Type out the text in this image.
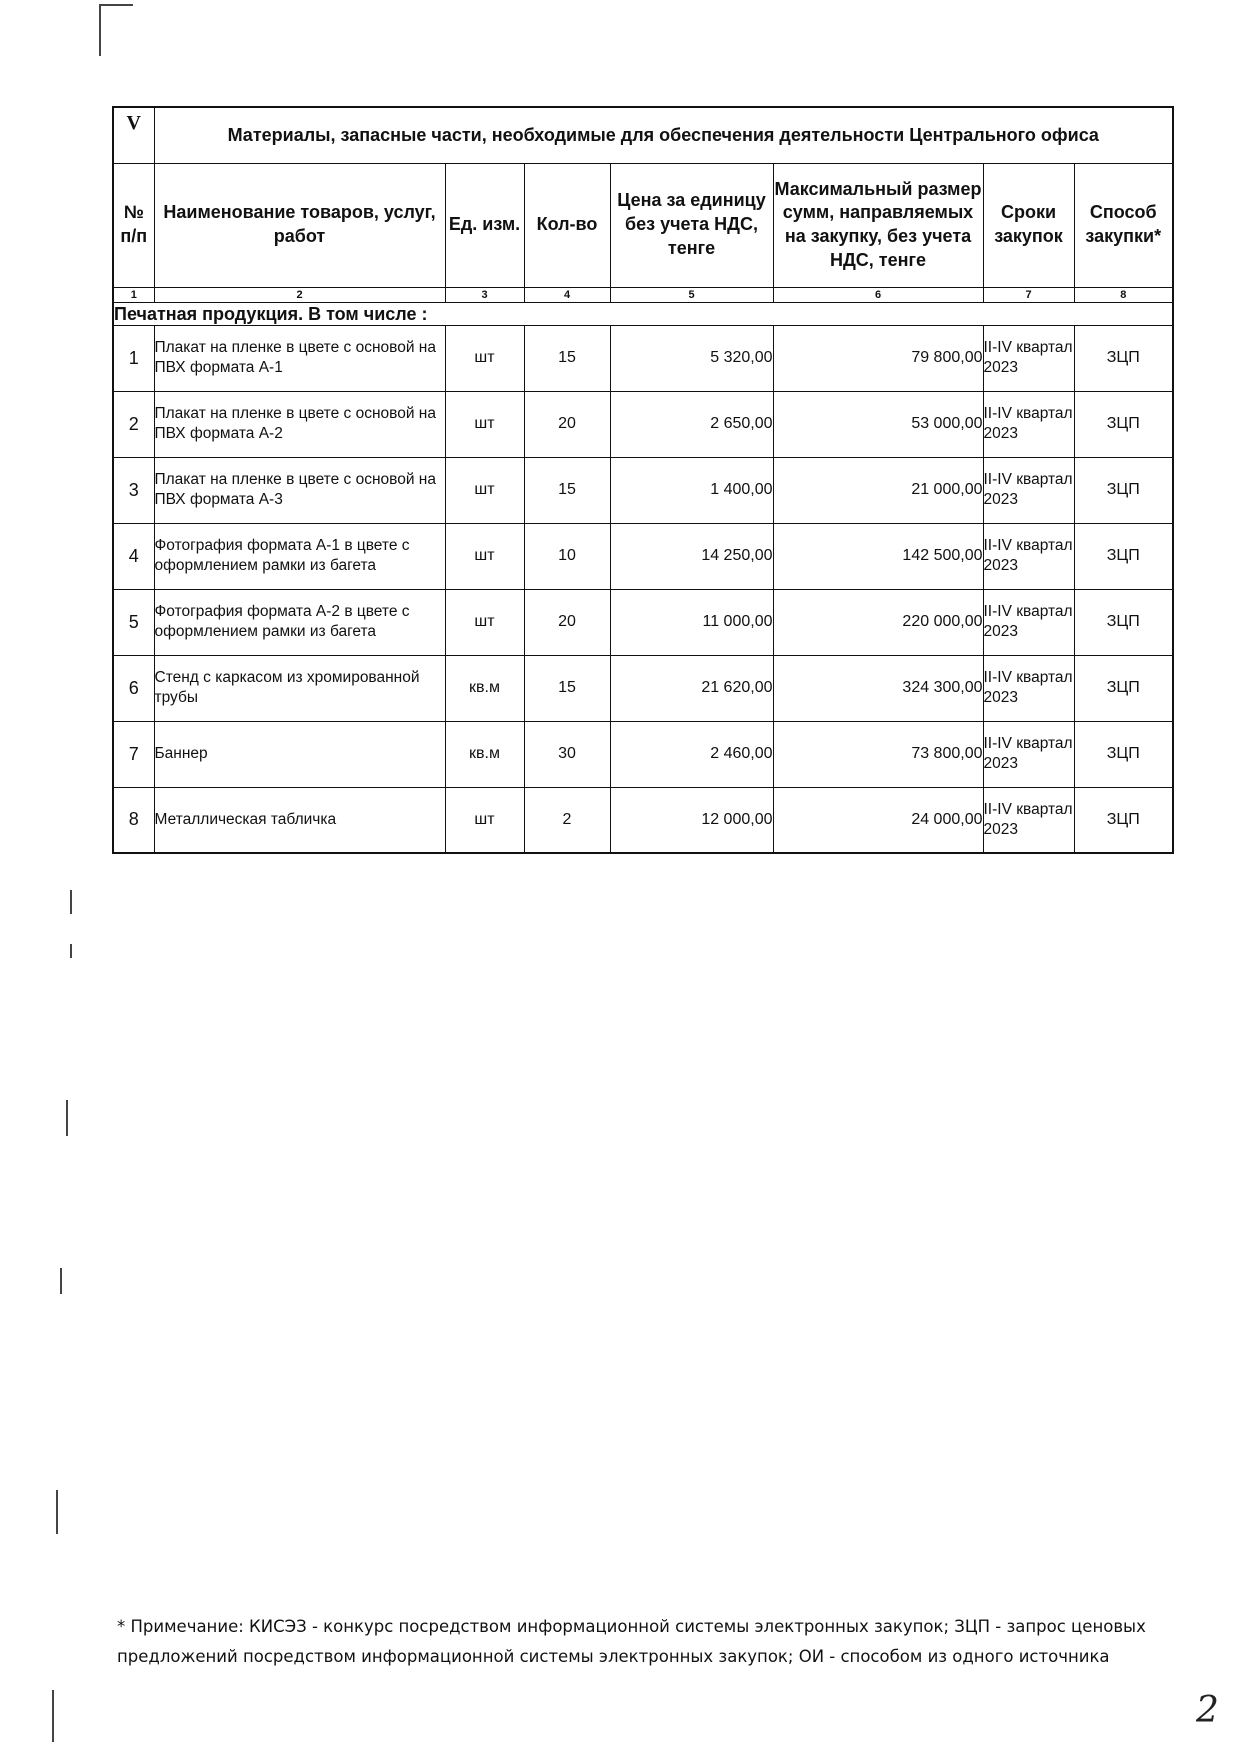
V	Материалы, запасные части, необходимые для обеспечения деятельности Центрального офиса						
№ п/п	Наименование товаров, услуг, работ	Ед. изм.	Кол-во	Цена за единицу без учета НДС, тенге	Максимальный размер сумм, направляемых на закупку, без учета НДС, тенге	Сроки закупок	Способ закупки*
1	2	3	4	5	6	7	8
Печатная продукция. В том числе :							
1	Плакат на пленке в цвете с основой на ПВХ формата А-1	шт	15	5 320,00	79 800,00	II-IV квартал 2023	ЗЦП
2	Плакат на пленке в цвете с основой на ПВХ формата А-2	шт	20	2 650,00	53 000,00	II-IV квартал 2023	ЗЦП
3	Плакат на пленке в цвете с основой на ПВХ формата А-3	шт	15	1 400,00	21 000,00	II-IV квартал 2023	ЗЦП
4	Фотография формата А-1 в цвете с оформлением рамки из багета	шт	10	14 250,00	142 500,00	II-IV квартал 2023	ЗЦП
5	Фотография формата А-2 в цвете с оформлением рамки из багета	шт	20	11 000,00	220 000,00	II-IV квартал 2023	ЗЦП
6	Стенд с каркасом из хромированной трубы	кв.м	15	21 620,00	324 300,00	II-IV квартал 2023	ЗЦП
7	Баннер	кв.м	30	2 460,00	73 800,00	II-IV квартал 2023	ЗЦП
8	Металлическая табличка	шт	2	12 000,00	24 000,00	II-IV квартал 2023	ЗЦП
* Примечание: КИСЭЗ - конкурс посредством информационной системы электронных закупок; ЗЦП - запрос ценовых предложений посредством информационной системы электронных закупок; ОИ - способом из одного источника
2
